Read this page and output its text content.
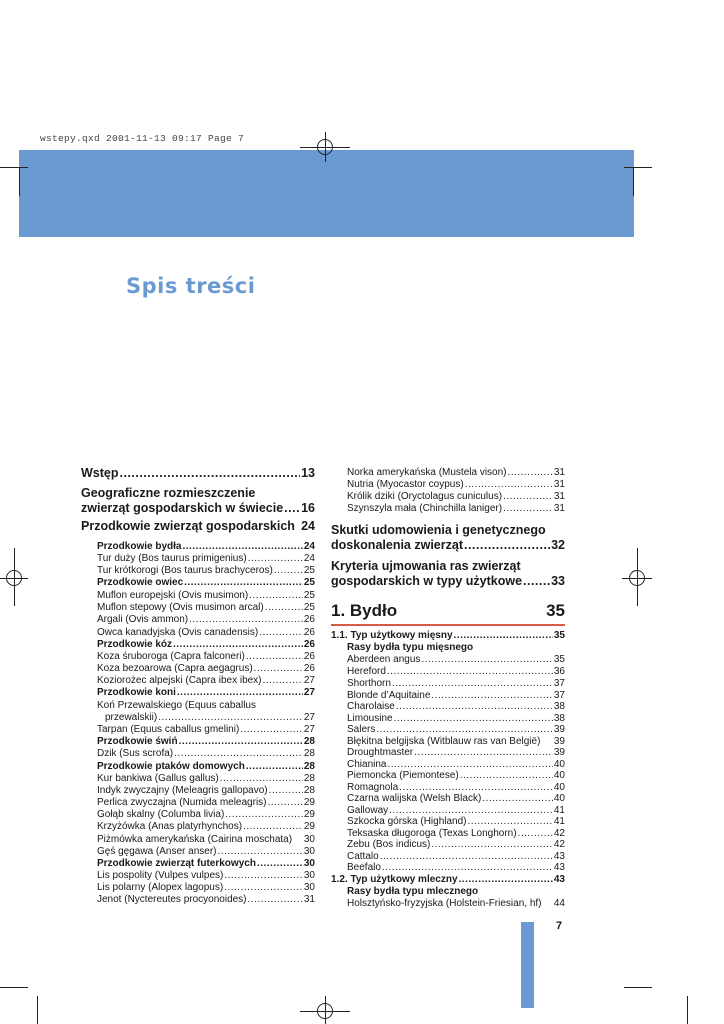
wstepy.qxd 2001-11-13 09:17 Page 7
Spis treści
Wstęp .....	13
Geograficzne rozmieszczenie
zwierząt gospodarskich w świecie ..... 16
Przodkowie zwierząt gospodarskich 24
Przodkowie bydła .....	24
Tur duży (Bos taurus primigenius) .....	24
Tur krótkorogi (Bos taurus brachyceros) .....	25
Przodkowie owiec .....	25
Muflon europejski (Ovis musimon) .....	25
Muflon stepowy (Ovis musimon arcal) .....	25
Argali (Ovis ammon) .....	26
Owca kanadyjska (Ovis canadensis) .....	26
Przodkowie kóz .....	26
Koza śruboroga (Capra falconeri) .....	26
Koza bezoarowa (Capra aegagrus) .....	26
Koziorożec alpejski (Capra ibex ibex) .....	27
Przodkowie koni .....	27
Koń Przewalskiego (Equus caballus
przewalskii) .....	27
Tarpan (Equus caballus gmelini) .....	27
Przodkowie świń .....	28
Dzik (Sus scrofa) .....	28
Przodkowie ptaków domowych .....	28
Kur bankiwa (Gallus gallus) .....	28
Indyk zwyczajny (Meleagris gallopavo) .....	28
Perlica zwyczajna (Numida meleagris) .....	29
Gołąb skalny (Columba livia) .....	29
Krzyżówka (Anas platyrhynchos) .....	29
Piżmówka amerykańska (Cairina moschata) 30
Gęś gęgawa (Anser anser) .....	30
Przodkowie zwierząt futerkowych .....	30
Lis pospolity (Vulpes vulpes) .....	30
Lis polarny (Alopex lagopus) .....	30
Jenot (Nyctereutes procyonoides) .....	31
Norka amerykańska (Mustela vison) .....	31
Nutria (Myocastor coypus) .....	31
Królik dziki (Oryctolagus cuniculus) .....	31
Szynszyla mała (Chinchilla laniger) .....	31
Skutki udomowienia i genetycznego
doskonalenia zwierząt .....	32
Kryteria ujmowania ras zwierząt
gospodarskich w typy użytkowe ..... 33
1. Bydło	35
1.1. Typ użytkowy mięsny .....	35
Rasy bydła typu mięsnego
Aberdeen angus .....	35
Hereford .....	36
Shorthorn .....	37
Blonde d’Aquitaine .....	37
Charolaise .....	38
Limousine .....	38
Salers .....	39
Błękitna belgijska (Witblauw ras van België) 39
Droughtmaster .....	39
Chianina .....	40
Piemoncka (Piemontese) .....	40
Romagnola .....	40
Czarna walijska (Welsh Black) .....	40
Galloway .....	41
Szkocka górska (Highland) .....	41
Teksaska długoroga (Texas Longhorn) .....	42
Zebu (Bos indicus) .....	42
Cattalo .....	43
Beefalo .....	43
1.2. Typ użytkowy mleczny .....	43
Rasy bydła typu mlecznego
Holsztyńsko-fryzyjska (Holstein-Friesian, hf) 44
7
